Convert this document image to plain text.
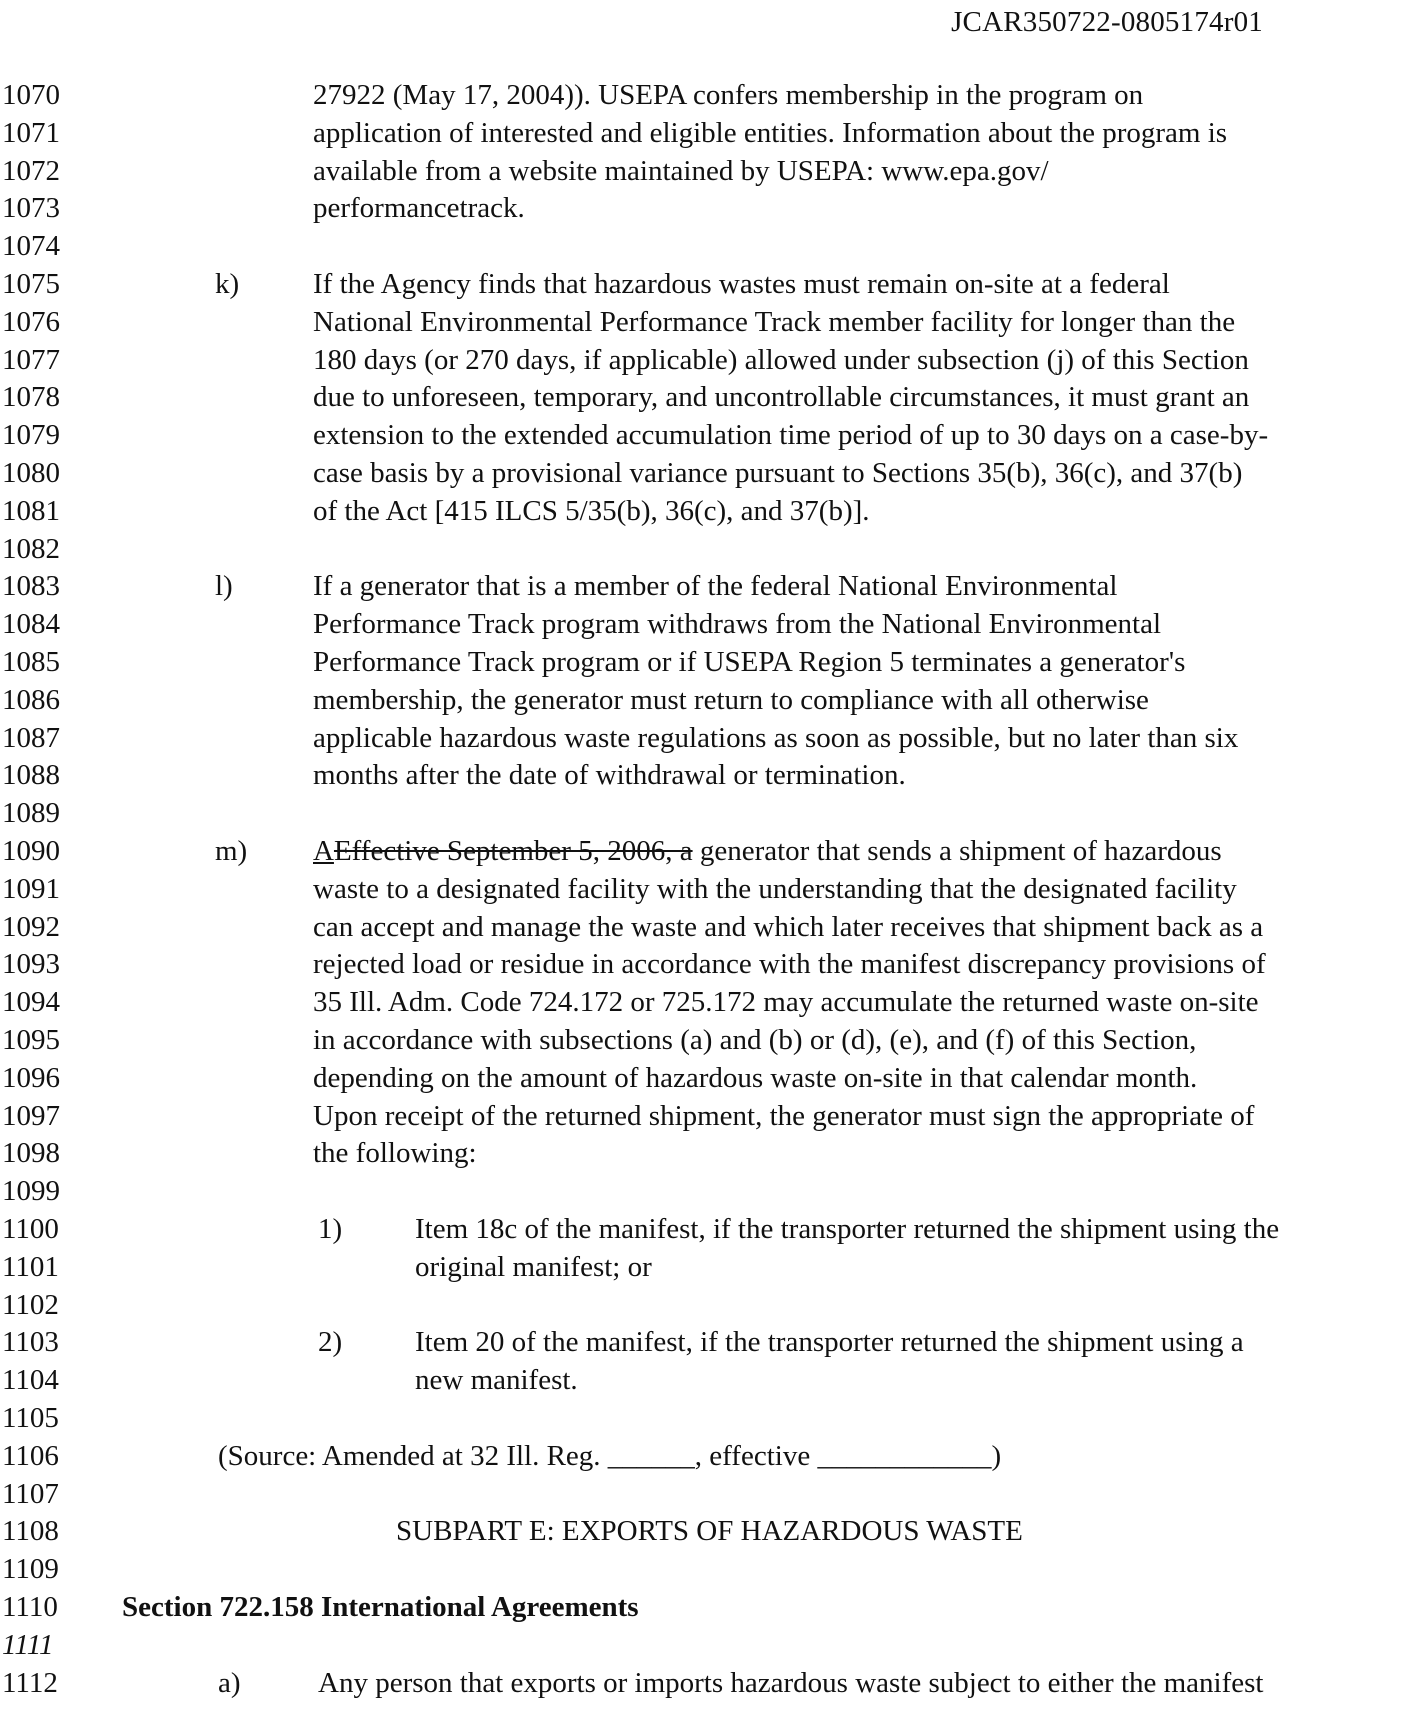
JCAR350722-0805174r01
1070	27922 (May 17, 2004)). USEPA confers membership in the program on
1071	application of interested and eligible entities. Information about the program is
1072	available from a website maintained by USEPA: www.epa.gov/
1073	performancetrack.
1074
1075	k)	If the Agency finds that hazardous wastes must remain on-site at a federal
1076	National Environmental Performance Track member facility for longer than the
1077	180 days (or 270 days, if applicable) allowed under subsection (j) of this Section
1078	due to unforeseen, temporary, and uncontrollable circumstances, it must grant an
1079	extension to the extended accumulation time period of up to 30 days on a case-by-
1080	case basis by a provisional variance pursuant to Sections 35(b), 36(c), and 37(b)
1081	of the Act [415 ILCS 5/35(b), 36(c), and 37(b)].
1082
1083	l)	If a generator that is a member of the federal National Environmental
1084	Performance Track program withdraws from the National Environmental
1085	Performance Track program or if USEPA Region 5 terminates a generator's
1086	membership, the generator must return to compliance with all otherwise
1087	applicable hazardous waste regulations as soon as possible, but no later than six
1088	months after the date of withdrawal or termination.
1089
1090	m) AEffective September 5, 2006, a generator that sends a shipment of hazardous
1091	waste to a designated facility with the understanding that the designated facility
1092	can accept and manage the waste and which later receives that shipment back as a
1093	rejected load or residue in accordance with the manifest discrepancy provisions of
1094	35 Ill. Adm. Code 724.172 or 725.172 may accumulate the returned waste on-site
1095	in accordance with subsections (a) and (b) or (d), (e), and (f) of this Section,
1096	depending on the amount of hazardous waste on-site in that calendar month.
1097	Upon receipt of the returned shipment, the generator must sign the appropriate of
1098	the following:
1099
1100	1)	Item 18c of the manifest, if the transporter returned the shipment using the
1101	original manifest; or
1102
1103	2)	Item 20 of the manifest, if the transporter returned the shipment using a
1104	new manifest.
1105
1106	(Source: Amended at 32 Ill. Reg. ______, effective ____________)
1107
1108	SUBPART E: EXPORTS OF HAZARDOUS WASTE
1109
1110	Section 722.158 International Agreements
1111
1112	a)	Any person that exports or imports hazardous waste subject to either the manifest
